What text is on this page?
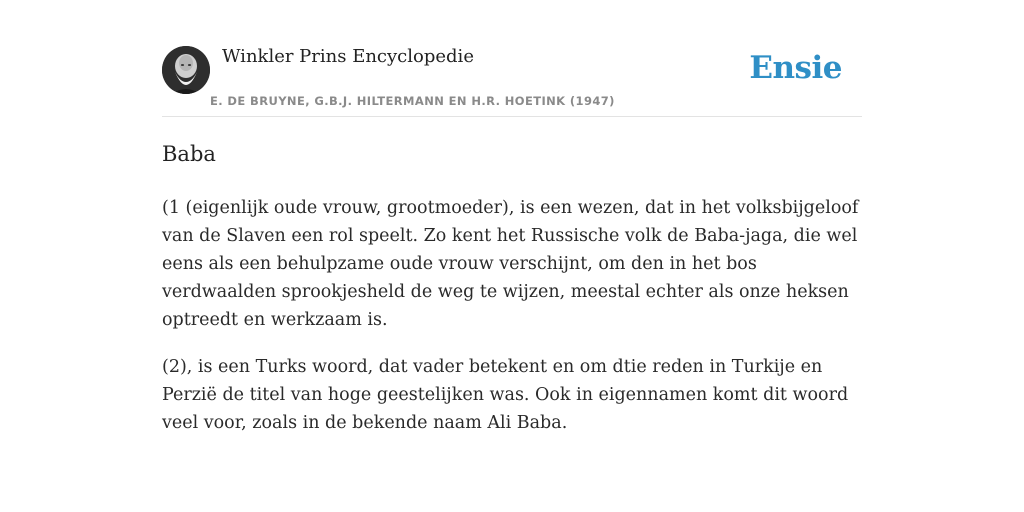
Winkler Prins Encyclopedie
E. DE BRUYNE, G.B.J. HILTERMANN EN H.R. HOETINK (1947)
Ensie
Baba

(1 (eigenlijk oude vrouw, grootmoeder), is een wezen, dat in het volksbijgeloof van de Slaven een rol speelt. Zo kent het Russische volk de Baba-jaga, die wel eens als een behulpzame oude vrouw verschijnt, om den in het bos verdwaalden sprookjesheld de weg te wijzen, meestal echter als onze heksen optreedt en werkzaam is.

(2), is een Turks woord, dat vader betekent en om dtie reden in Turkije en Perzië de titel van hoge geestelijken was. Ook in eigennamen komt dit woord veel voor, zoals in de bekende naam Ali Baba.
